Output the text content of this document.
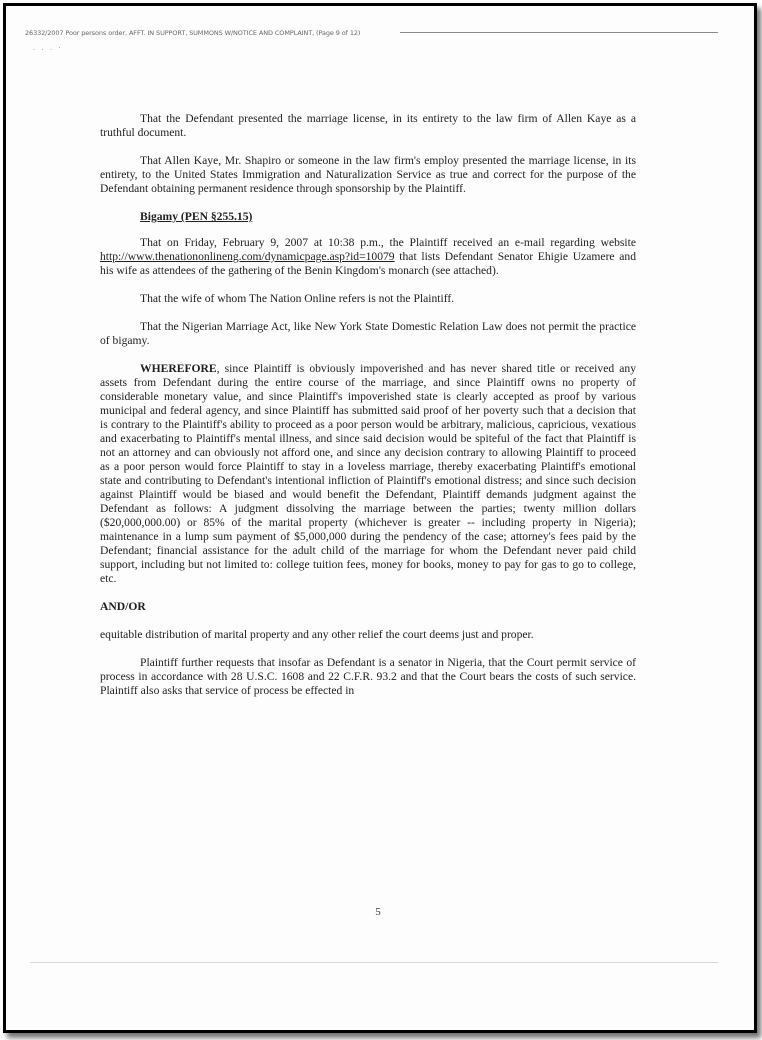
26332/2007 Poor persons order, AFFT. IN SUPPORT, SUMMONS W/NOTICE AND COMPLAINT, (Page 9 of 12)
. . . ·

That the Defendant presented the marriage license, in its entirety to the law firm of Allen Kaye as a truthful document.

That Allen Kaye, Mr. Shapiro or someone in the law firm's employ presented the marriage license, in its entirety, to the United States Immigration and Naturalization Service as true and correct for the purpose of the Defendant obtaining permanent residence through sponsorship by the Plaintiff.

Bigamy (PEN §255.15)

That on Friday, February 9, 2007 at 10:38 p.m., the Plaintiff received an e-mail regarding website http://www.thenationonlineng.com/dynamicpage.asp?id=10079 that lists Defendant Senator Ehigie Uzamere and his wife as attendees of the gathering of the Benin Kingdom's monarch (see attached).

That the wife of whom The Nation Online refers is not the Plaintiff.

That the Nigerian Marriage Act, like New York State Domestic Relation Law does not permit the practice of bigamy.

WHEREFORE, since Plaintiff is obviously impoverished and has never shared title or received any assets from Defendant during the entire course of the marriage, and since Plaintiff owns no property of considerable monetary value, and since Plaintiff's impoverished state is clearly accepted as proof by various municipal and federal agency, and since Plaintiff has submitted said proof of her poverty such that a decision that is contrary to the Plaintiff's ability to proceed as a poor person would be arbitrary, malicious, capricious, vexatious and exacerbating to Plaintiff's mental illness, and since said decision would be spiteful of the fact that Plaintiff is not an attorney and can obviously not afford one, and since any decision contrary to allowing Plaintiff to proceed as a poor person would force Plaintiff to stay in a loveless marriage, thereby exacerbating Plaintiff's emotional state and contributing to Defendant's intentional infliction of Plaintiff's emotional distress; and since such decision against Plaintiff would be biased and would benefit the Defendant, Plaintiff demands judgment against the Defendant as follows: A judgment dissolving the marriage between the parties; twenty million dollars ($20,000,000.00) or 85% of the marital property (whichever is greater -- including property in Nigeria); maintenance in a lump sum payment of $5,000,000 during the pendency of the case; attorney's fees paid by the Defendant; financial assistance for the adult child of the marriage for whom the Defendant never paid child support, including but not limited to: college tuition fees, money for books, money to pay for gas to go to college, etc.

AND/OR

equitable distribution of marital property and any other relief the court deems just and proper.

Plaintiff further requests that insofar as Defendant is a senator in Nigeria, that the Court permit service of process in accordance with 28 U.S.C. 1608 and 22 C.F.R. 93.2 and that the Court bears the costs of such service. Plaintiff also asks that service of process be effected in

5
